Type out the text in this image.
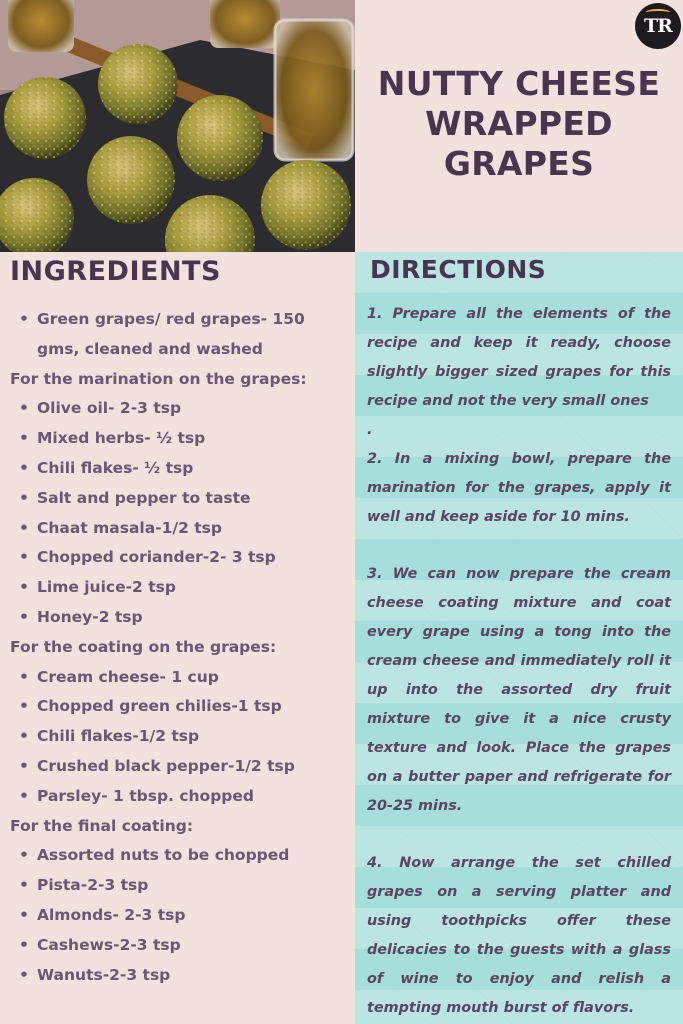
TR
NUTTY CHEESE
WRAPPED
GRAPES
INGREDIENTS
• Green grapes/ red grapes- 150
gms, cleaned and washed
For the marination on the grapes:
• Olive oil- 2-3 tsp
• Mixed herbs- ½ tsp
• Chili flakes- ½ tsp
• Salt and pepper to taste
• Chaat masala-1/2 tsp
• Chopped coriander-2- 3 tsp
• Lime juice-2 tsp
• Honey-2 tsp
For the coating on the grapes:
• Cream cheese- 1 cup
• Chopped green chilies-1 tsp
• Chili flakes-1/2 tsp
• Crushed black pepper-1/2 tsp
• Parsley- 1 tbsp. chopped
For the final coating:
• Assorted nuts to be chopped
• Pista-2-3 tsp
• Almonds- 2-3 tsp
• Cashews-2-3 tsp
• Wanuts-2-3 tsp
DIRECTIONS

1. Prepare all the elements of the recipe and keep it ready, choose slightly bigger sized grapes for this recipe and not the very small ones

.

2. In a mixing bowl, prepare the marination for the grapes, apply it well and keep aside for 10 mins.

3. We can now prepare the cream cheese coating mixture and coat every grape using a tong into the cream cheese and immediately roll it up into the assorted dry fruit mixture to give it a nice crusty texture and look. Place the grapes on a butter paper and refrigerate for 20-25 mins.

4. Now arrange the set chilled grapes on a serving platter and using toothpicks offer these delicacies to the guests with a glass of wine to enjoy and relish a tempting mouth burst of flavors.
